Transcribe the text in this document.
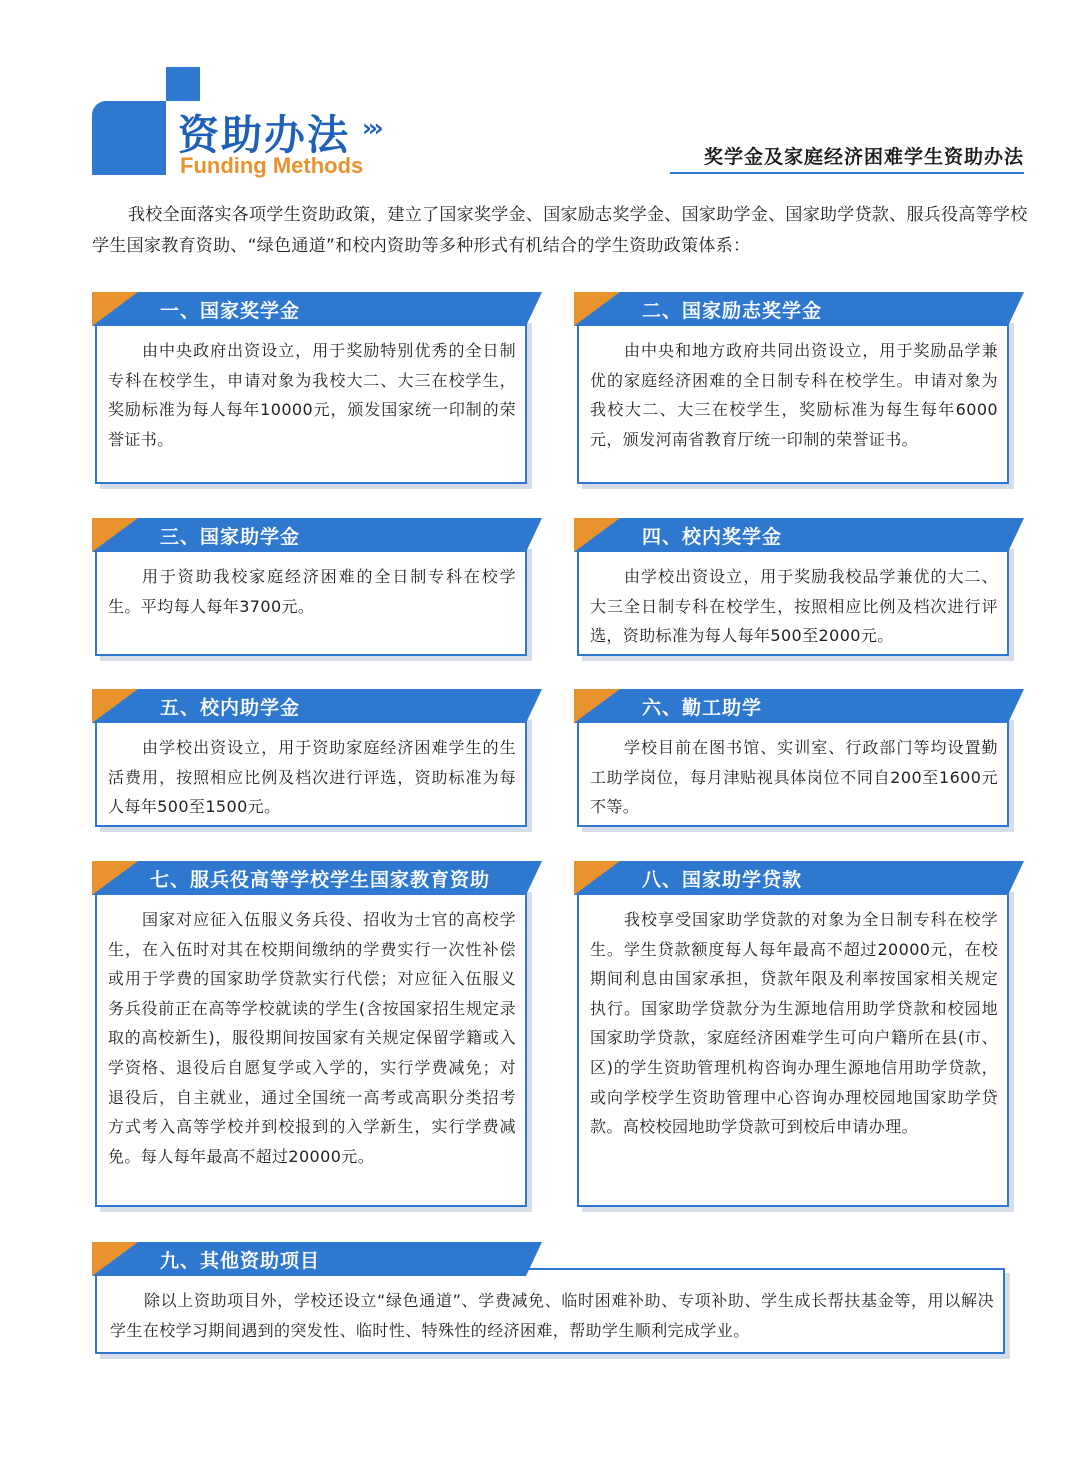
资助办法 ›››
Funding Methods	奖学金及家庭经济困难学生资助办法

我校全面落实各项学生资助政策，建立了国家奖学金、国家励志奖学金、国家助学金、国家助学贷款、服兵役高等学校学生国家教育资助、“绿色通道”和校内资助等多种形式有机结合的学生资助政策体系：

一、国家奖学金
由中央政府出资设立，用于奖励特别优秀的全日制专科在校学生，申请对象为我校大二、大三在校学生，奖励标准为每人每年10000元，颁发国家统一印制的荣誉证书。
二、国家励志奖学金
由中央和地方政府共同出资设立，用于奖励品学兼优的家庭经济困难的全日制专科在校学生。申请对象为我校大二、大三在校学生，奖励标准为每生每年6000元，颁发河南省教育厅统一印制的荣誉证书。
三、国家助学金
用于资助我校家庭经济困难的全日制专科在校学生。平均每人每年3700元。
四、校内奖学金
由学校出资设立，用于奖励我校品学兼优的大二、大三全日制专科在校学生，按照相应比例及档次进行评选，资助标准为每人每年500至2000元。
五、校内助学金
由学校出资设立，用于资助家庭经济困难学生的生活费用，按照相应比例及档次进行评选，资助标准为每人每年500至1500元。
六、勤工助学
学校目前在图书馆、实训室、行政部门等均设置勤工助学岗位，每月津贴视具体岗位不同自200至1600元不等。
七、服兵役高等学校学生国家教育资助
国家对应征入伍服义务兵役、招收为士官的高校学生，在入伍时对其在校期间缴纳的学费实行一次性补偿或用于学费的国家助学贷款实行代偿；对应征入伍服义务兵役前正在高等学校就读的学生(含按国家招生规定录取的高校新生)，服役期间按国家有关规定保留学籍或入学资格、退役后自愿复学或入学的，实行学费减免；对退役后，自主就业，通过全国统一高考或高职分类招考方式考入高等学校并到校报到的入学新生，实行学费减免。每人每年最高不超过20000元。
八、国家助学贷款
我校享受国家助学贷款的对象为全日制专科在校学生。学生贷款额度每人每年最高不超过20000元，在校期间利息由国家承担，贷款年限及利率按国家相关规定执行。国家助学贷款分为生源地信用助学贷款和校园地国家助学贷款，家庭经济困难学生可向户籍所在县(市、区)的学生资助管理机构咨询办理生源地信用助学贷款，或向学校学生资助管理中心咨询办理校园地国家助学贷款。高校校园地助学贷款可到校后申请办理。
九、其他资助项目
除以上资助项目外，学校还设立“绿色通道”、学费减免、临时困难补助、专项补助、学生成长帮扶基金等，用以解决学生在校学习期间遇到的突发性、临时性、特殊性的经济困难，帮助学生顺利完成学业。
